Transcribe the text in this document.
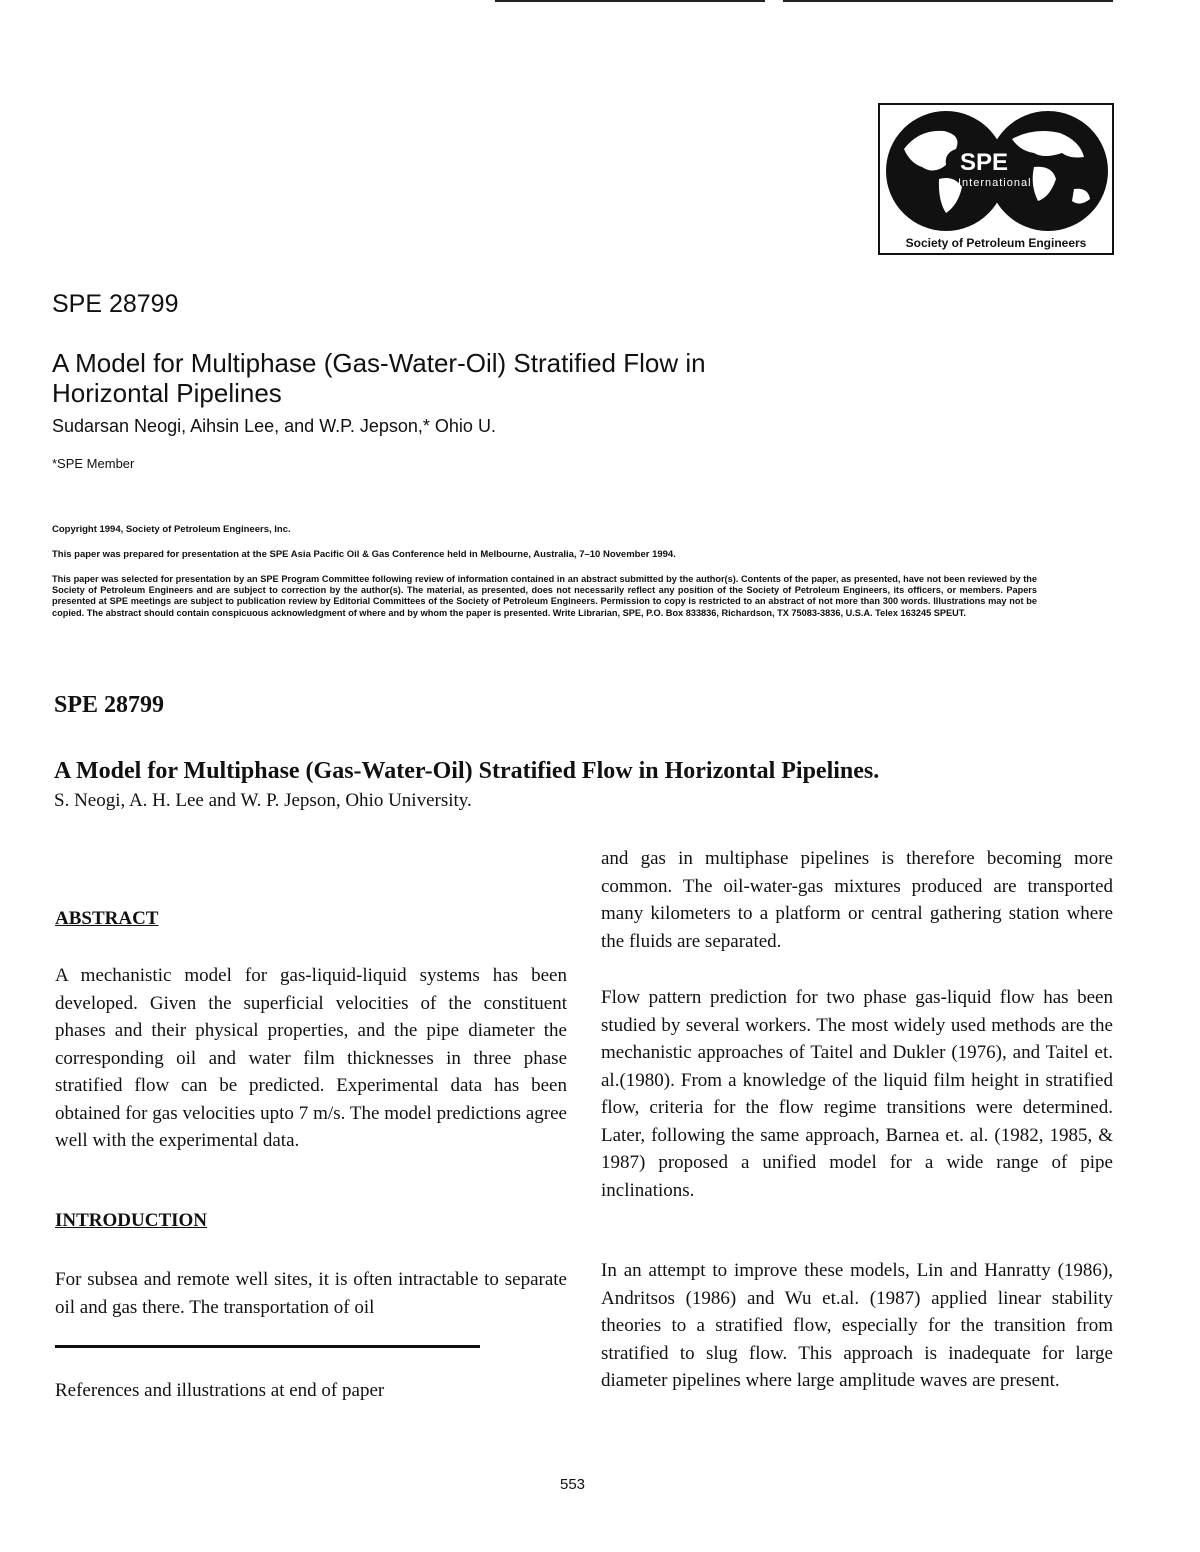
SPE
International
Society of Petroleum Engineers
SPE 28799
A Model for Multiphase (Gas-Water-Oil) Stratified Flow in Horizontal Pipelines
Sudarsan Neogi, Aihsin Lee, and W.P. Jepson,* Ohio U.
*SPE Member
Copyright 1994, Society of Petroleum Engineers, Inc.
This paper was prepared for presentation at the SPE Asia Pacific Oil & Gas Conference held in Melbourne, Australia, 7–10 November 1994.
This paper was selected for presentation by an SPE Program Committee following review of information contained in an abstract submitted by the author(s). Contents of the paper, as presented, have not been reviewed by the Society of Petroleum Engineers and are subject to correction by the author(s). The material, as presented, does not necessarily reflect any position of the Society of Petroleum Engineers, its officers, or members. Papers presented at SPE meetings are subject to publication review by Editorial Committees of the Society of Petroleum Engineers. Permission to copy is restricted to an abstract of not more than 300 words. Illustrations may not be copied. The abstract should contain conspicuous acknowledgment of where and by whom the paper is presented. Write Librarian, SPE, P.O. Box 833836, Richardson, TX 75083-3836, U.S.A. Telex 163245 SPEUT.
SPE 28799
A Model for Multiphase (Gas-Water-Oil) Stratified Flow in Horizontal Pipelines.
S. Neogi, A. H. Lee and W. P. Jepson, Ohio University.
ABSTRACT
A mechanistic model for gas-liquid-liquid systems has been developed. Given the superficial velocities of the constituent phases and their physical properties, and the pipe diameter the corresponding oil and water film thicknesses in three phase stratified flow can be predicted. Experimental data has been obtained for gas velocities upto 7 m/s. The model predictions agree well with the experimental data.
INTRODUCTION
For subsea and remote well sites, it is often intractable to separate oil and gas there. The transportation of oil
References and illustrations at end of paper
and gas in multiphase pipelines is therefore becoming more common. The oil-water-gas mixtures produced are transported many kilometers to a platform or central gathering station where the fluids are separated.
Flow pattern prediction for two phase gas-liquid flow has been studied by several workers. The most widely used methods are the mechanistic approaches of Taitel and Dukler (1976), and Taitel et. al.(1980). From a knowledge of the liquid film height in stratified flow, criteria for the flow regime transitions were determined. Later, following the same approach, Barnea et. al. (1982, 1985, & 1987) proposed a unified model for a wide range of pipe inclinations.
In an attempt to improve these models, Lin and Hanratty (1986), Andritsos (1986) and Wu et.al. (1987) applied linear stability theories to a stratified flow, especially for the transition from stratified to slug flow. This approach is inadequate for large diameter pipelines where large amplitude waves are present.
553
